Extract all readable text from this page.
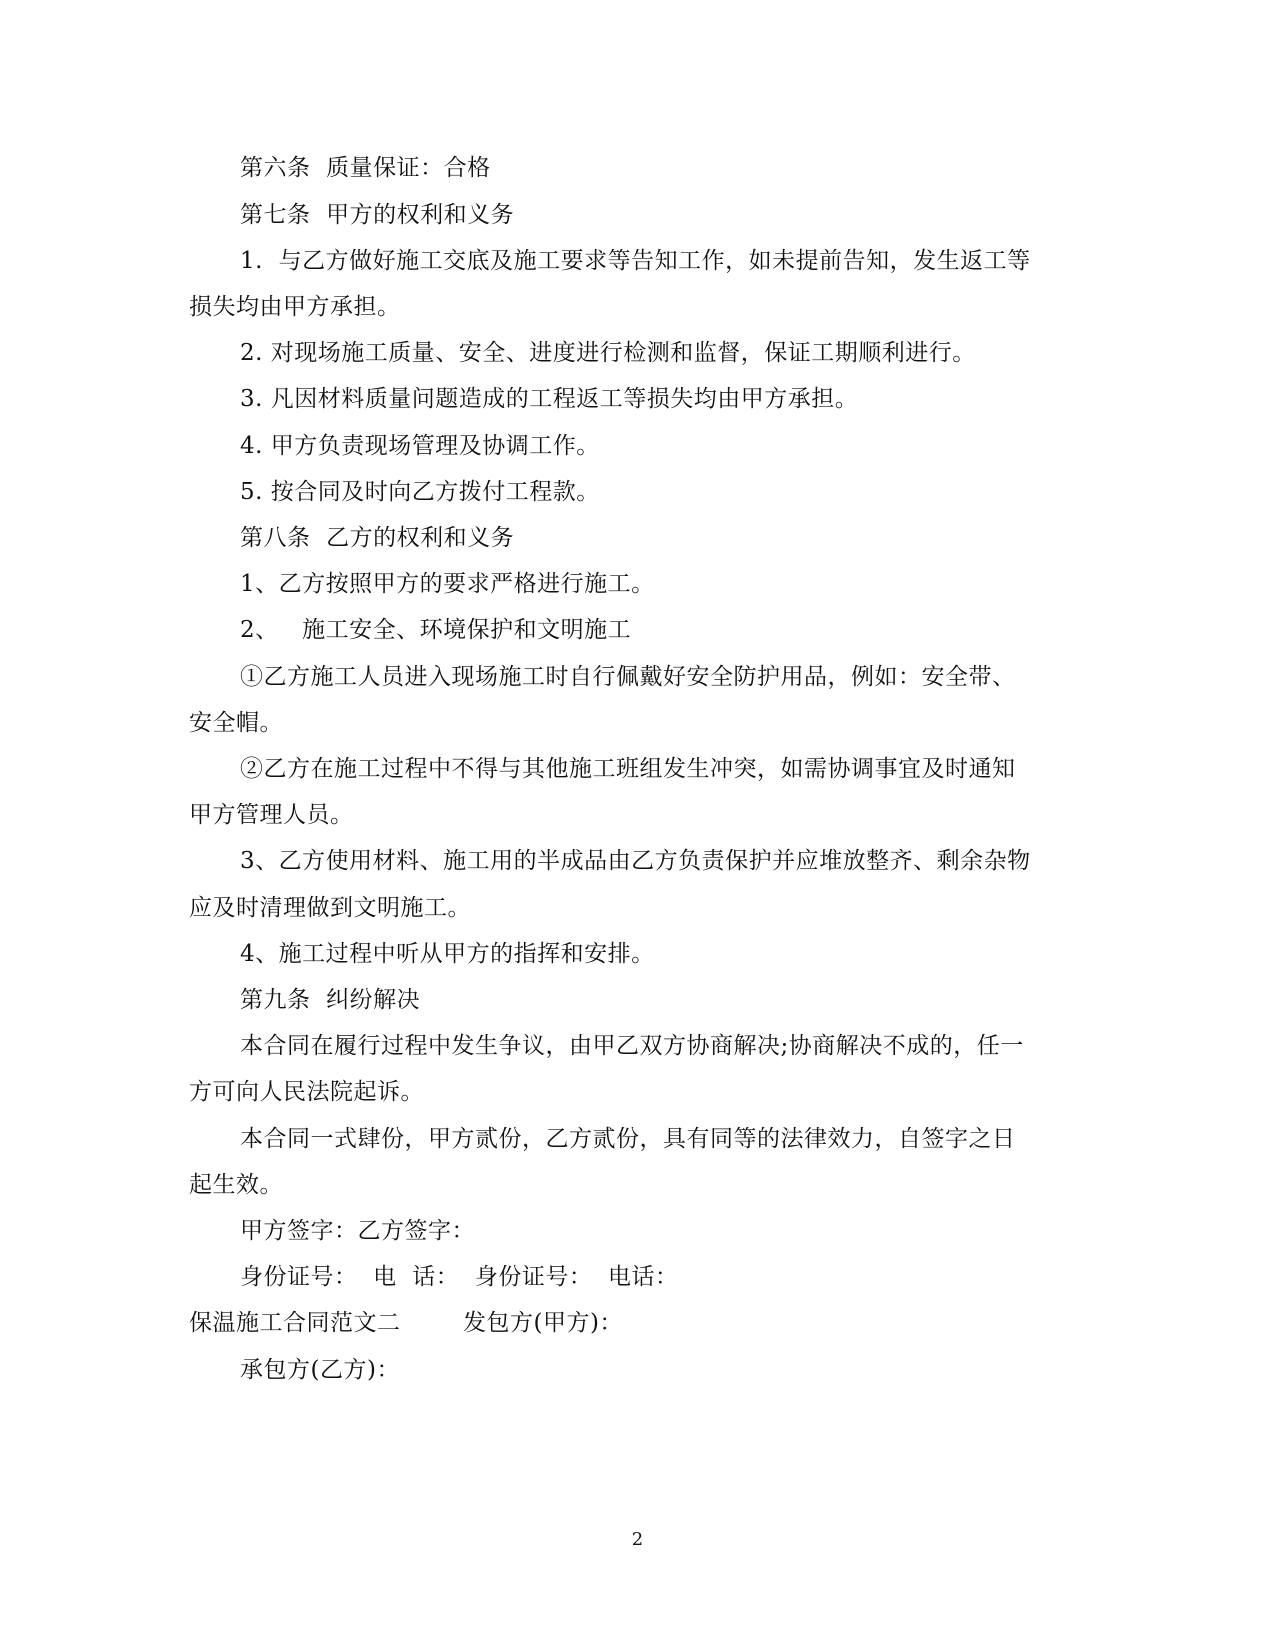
第六条  质量保证：合格
第七条  甲方的权利和义务
1.  与乙方做好施工交底及施工要求等告知工作，如未提前告知，发生返工等
损失均由甲方承担。
2. 对现场施工质量、安全、进度进行检测和监督，保证工期顺利进行。
3. 凡因材料质量问题造成的工程返工等损失均由甲方承担。
4. 甲方负责现场管理及协调工作。
5. 按合同及时向乙方拨付工程款。
第八条  乙方的权利和义务
1、乙方按照甲方的要求严格进行施工。
2、   施工安全、环境保护和文明施工
①乙方施工人员进入现场施工时自行佩戴好安全防护用品，例如：安全带、
安全帽。
②乙方在施工过程中不得与其他施工班组发生冲突，如需协调事宜及时通知
甲方管理人员。
3、乙方使用材料、施工用的半成品由乙方负责保护并应堆放整齐、剩余杂物
应及时清理做到文明施工。
4、施工过程中听从甲方的指挥和安排。
第九条  纠纷解决
本合同在履行过程中发生争议，由甲乙双方协商解决;协商解决不成的，任一
方可向人民法院起诉。
本合同一式肆份，甲方贰份，乙方贰份，具有同等的法律效力，自签字之日
起生效。
甲方签字：乙方签字：
身份证号：  电  话：  身份证号：  电话：
保温施工合同范文二        发包方(甲方)：
承包方(乙方)：
2
